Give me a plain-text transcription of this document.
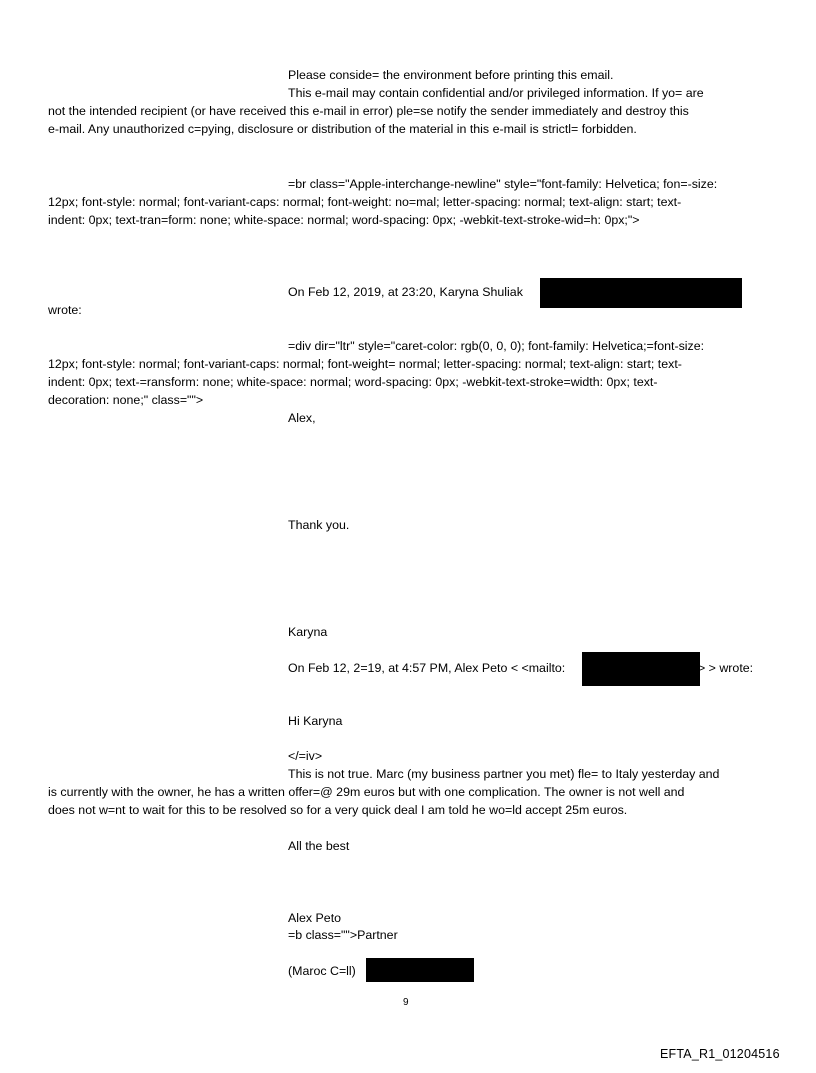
Please conside= the environment before printing this email.
This e-mail may contain confidential and/or privileged information. If yo= are
not the intended recipient (or have received this e-mail in error) ple=se notify the sender immediately and destroy this
e-mail. Any unauthorized c=pying, disclosure or distribution of the material in this e-mail is strictl= forbidden.
=br class="Apple-interchange-newline" style="font-family: Helvetica; fon=-size:
12px; font-style: normal; font-variant-caps: normal; font-weight: no=mal; letter-spacing: normal; text-align: start; text-
indent: 0px; text-tran=form: none; white-space: normal; word-spacing: 0px; -webkit-text-stroke-wid=h: 0px;">
On Feb 12, 2019, at 23:20, Karyna Shuliak
wrote:
=div dir="ltr" style="caret-color: rgb(0, 0, 0); font-family: Helvetica;=font-size:
12px; font-style: normal; font-variant-caps: normal; font-weight= normal; letter-spacing: normal; text-align: start; text-
indent: 0px; text-=ransform: none; white-space: normal; word-spacing: 0px; -webkit-text-stroke=width: 0px; text-
decoration: none;" class="">
Alex,
Thank you.
Karyna
On Feb 12, 2=19, at 4:57 PM, Alex Peto < <mailto:	> > wrote:
Hi Karyna
</=iv>
This is not true. Marc (my business partner you met) fle= to Italy yesterday and
is currently with the owner, he has a written offer=@ 29m euros but with one complication. The owner is not well and
does not w=nt to wait for this to be resolved so for a very quick deal I am told he wo=ld accept 25m euros.
All the best
Alex Peto
=b class="">Partner
(Maroc C=ll)
9
EFTA_R1_01204516
